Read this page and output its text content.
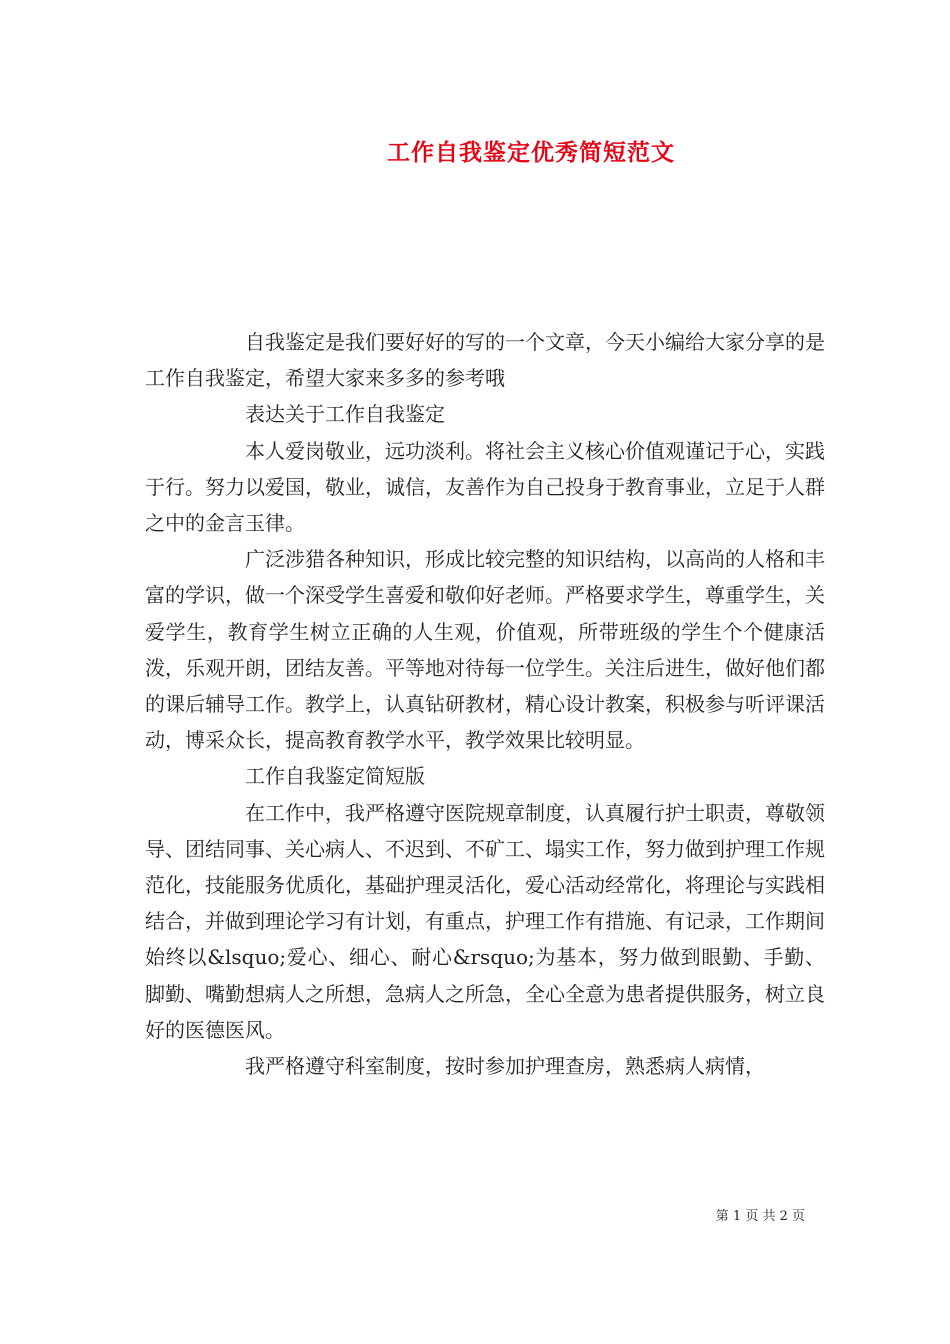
工作自我鉴定优秀简短范文

自我鉴定是我们要好好的写的一个文章，今天小编给大家分享的是工作自我鉴定，希望大家来多多的参考哦

表达关于工作自我鉴定

本人爱岗敬业，远功淡利。将社会主义核心价值观谨记于心，实践于行。努力以爱国，敬业，诚信，友善作为自己投身于教育事业，立足于人群之中的金言玉律。

广泛涉猎各种知识，形成比较完整的知识结构，以高尚的人格和丰富的学识，做一个深受学生喜爱和敬仰好老师。严格要求学生，尊重学生，关爱学生，教育学生树立正确的人生观，价值观，所带班级的学生个个健康活泼，乐观开朗，团结友善。平等地对待每一位学生。关注后进生，做好他们都的课后辅导工作。教学上，认真钻研教材，精心设计教案，积极参与听评课活动，博采众长，提高教育教学水平，教学效果比较明显。

工作自我鉴定简短版

在工作中，我严格遵守医院规章制度，认真履行护士职责，尊敬领导、团结同事、关心病人、不迟到、不矿工、塌实工作，努力做到护理工作规范化，技能服务优质化，基础护理灵活化，爱心活动经常化，将理论与实践相结合，并做到理论学习有计划，有重点，护理工作有措施、有记录，工作期间始终以&lsquo;爱心、细心、耐心&rsquo;为基本，努力做到眼勤、手勤、脚勤、嘴勤想病人之所想，急病人之所急，全心全意为患者提供服务，树立良好的医德医风。

我严格遵守科室制度，按时参加护理查房，熟悉病人病情，

第 1 页 共 2 页
